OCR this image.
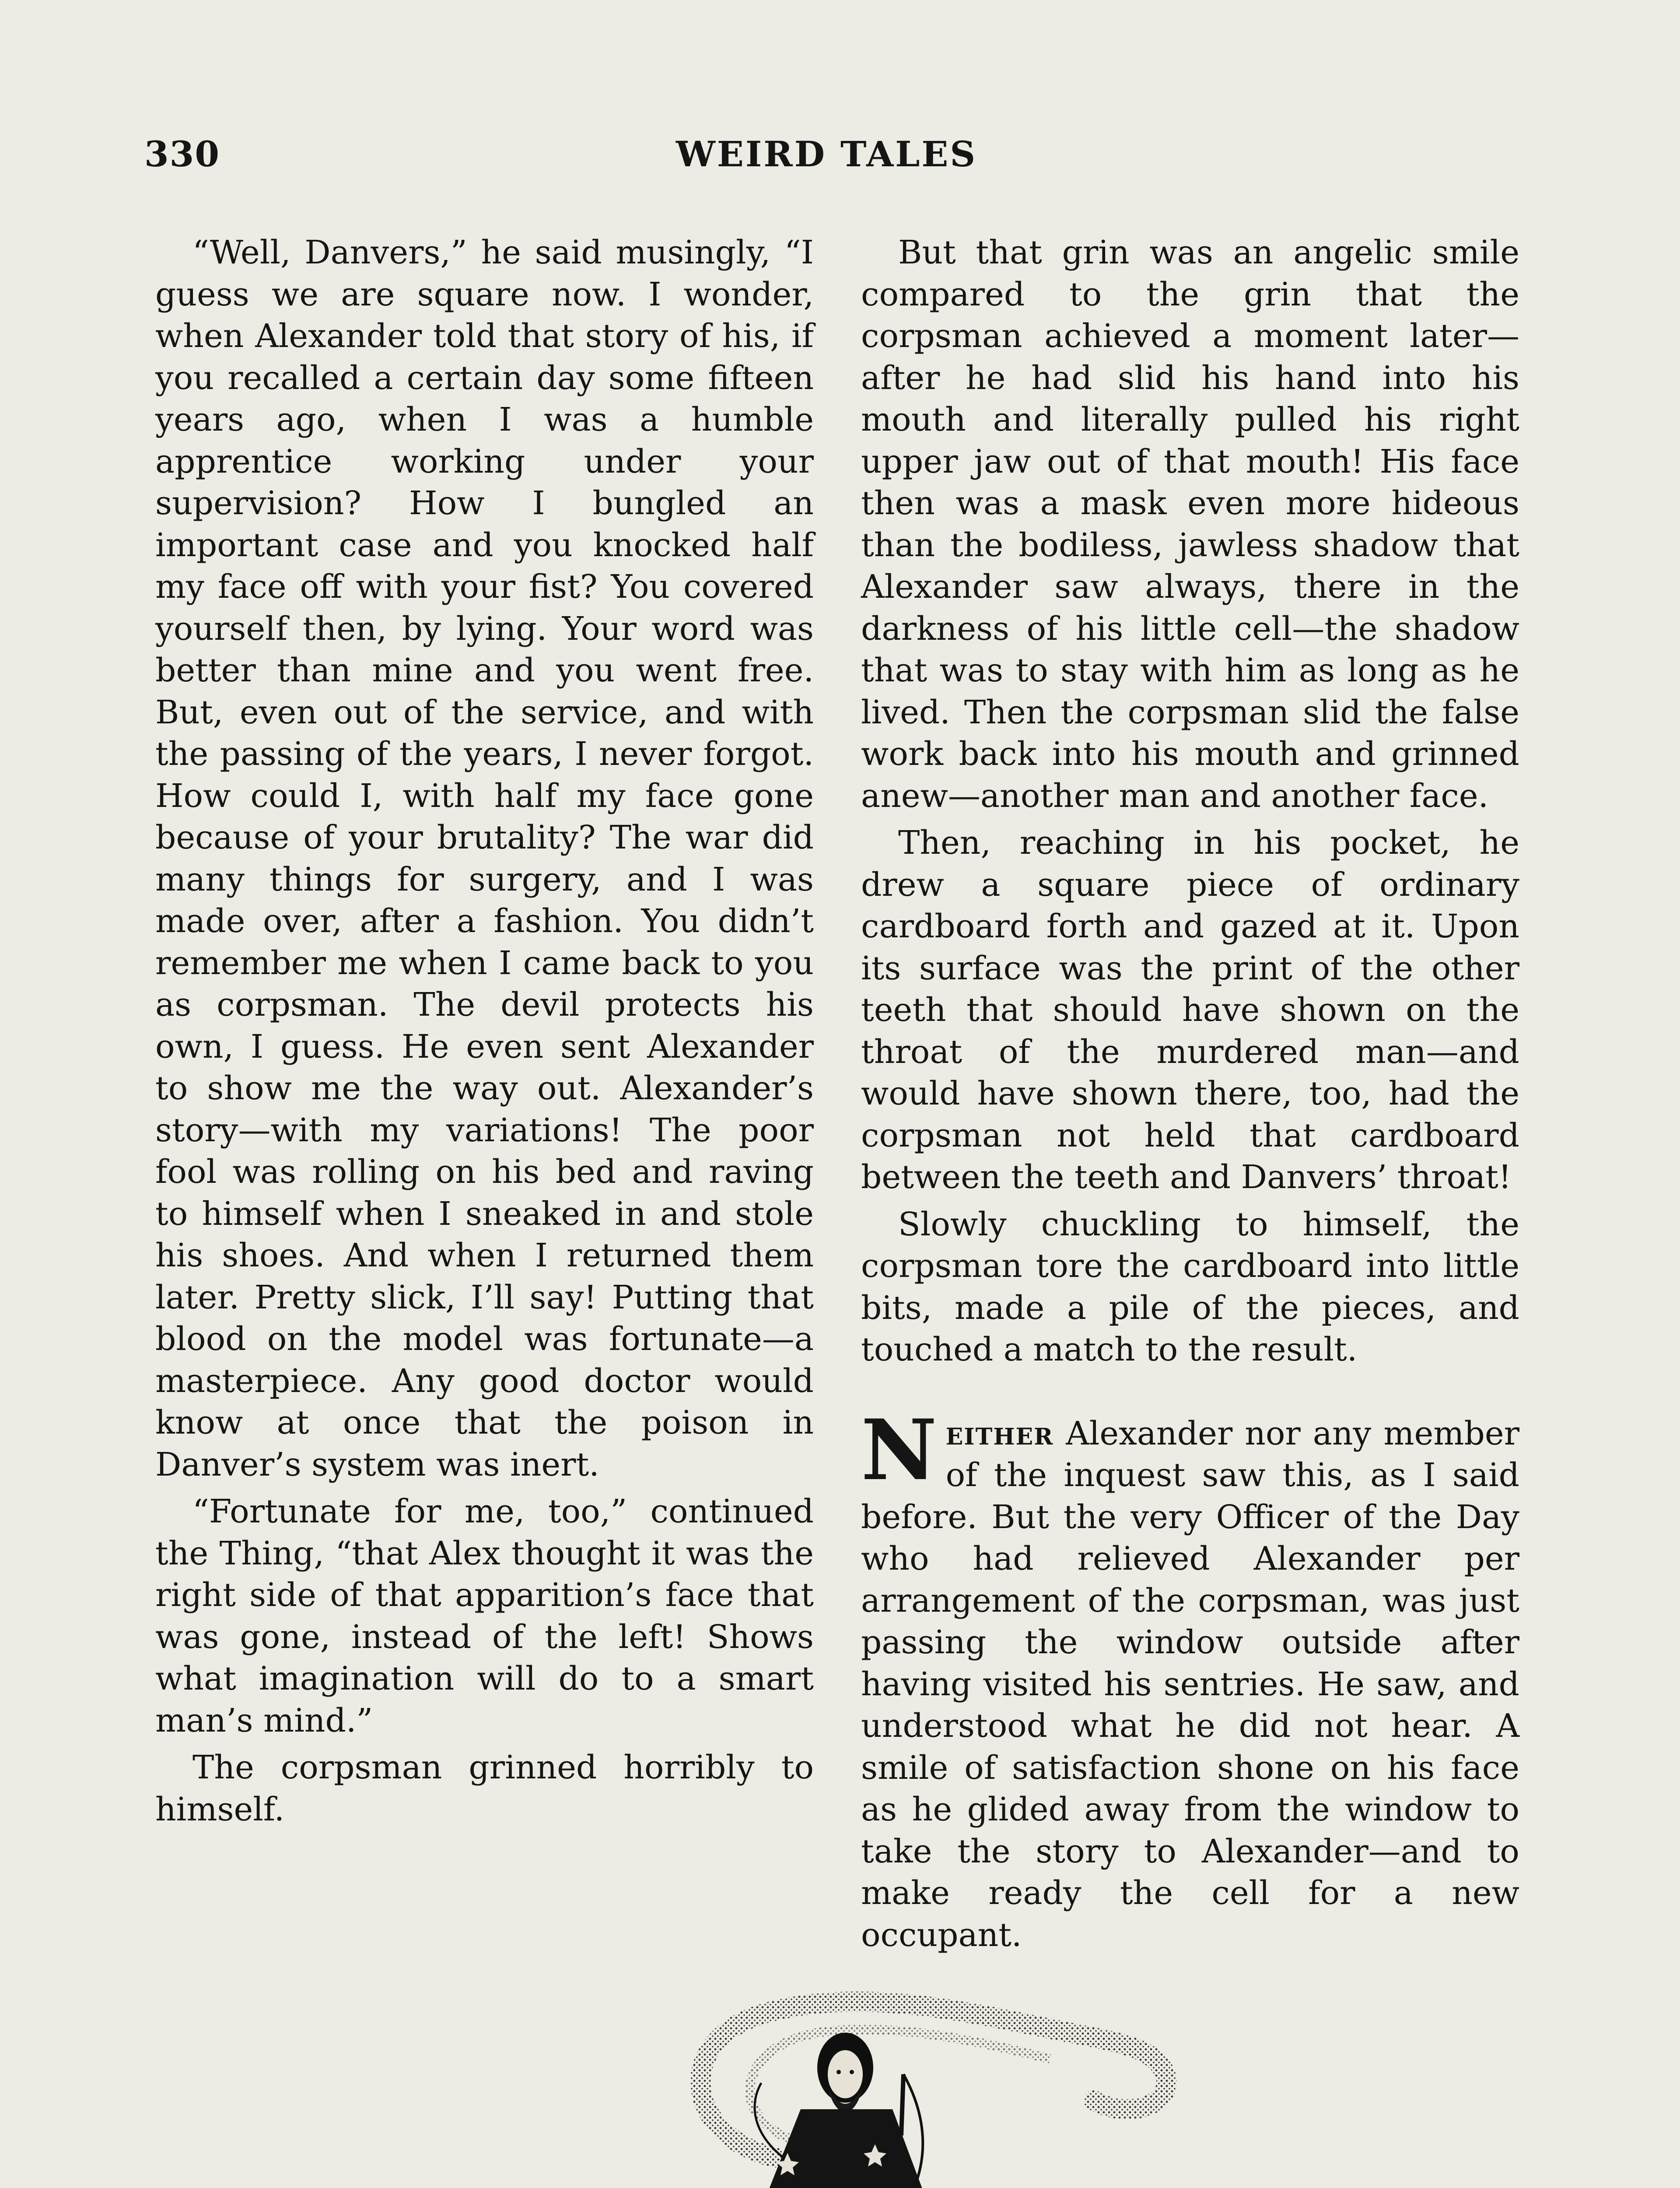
330	WEIRD TALES

“Well, Danvers,” he said musingly, “I guess we are square now. I wonder, when Alexander told that story of his, if you recalled a certain day some fifteen years ago, when I was a humble apprentice working under your supervision? How I bungled an important case and you knocked half my face off with your fist? You covered yourself then, by lying. Your word was better than mine and you went free. But, even out of the service, and with the passing of the years, I never forgot. How could I, with half my face gone because of your brutality? The war did many things for surgery, and I was made over, after a fashion. You didn’t remember me when I came back to you as corpsman. The devil protects his own, I guess. He even sent Alexander to show me the way out. Alexander’s story—with my variations! The poor fool was rolling on his bed and raving to himself when I sneaked in and stole his shoes. And when I returned them later. Pretty slick, I’ll say! Putting that blood on the model was fortunate—a masterpiece. Any good doctor would know at once that the poison in Danver’s system was inert.

“Fortunate for me, too,” continued the Thing, “that Alex thought it was the right side of that apparition’s face that was gone, instead of the left! Shows what imagination will do to a smart man’s mind.”

The corpsman grinned horribly to himself.

But that grin was an angelic smile compared to the grin that the corpsman achieved a moment later—after he had slid his hand into his mouth and literally pulled his right upper jaw out of that mouth! His face then was a mask even more hideous than the bodiless, jawless shadow that Alexander saw always, there in the darkness of his little cell—the shadow that was to stay with him as long as he lived. Then the corpsman slid the false work back into his mouth and grinned anew—another man and another face.

Then, reaching in his pocket, he drew a square piece of ordinary cardboard forth and gazed at it. Upon its surface was the print of the other teeth that should have shown on the throat of the murdered man—and would have shown there, too, had the corpsman not held that cardboard between the teeth and Danvers’ throat!

Slowly chuckling to himself, the corpsman tore the cardboard into little bits, made a pile of the pieces, and touched a match to the result.

Neither Alexander nor any member of the inquest saw this, as I said before. But the very Officer of the Day who had relieved Alexander per arrangement of the corpsman, was just passing the window outside after having visited his sentries. He saw, and understood what he did not hear. A smile of satisfaction shone on his face as he glided away from the window to take the story to Alexander—and to make ready the cell for a new occupant.
